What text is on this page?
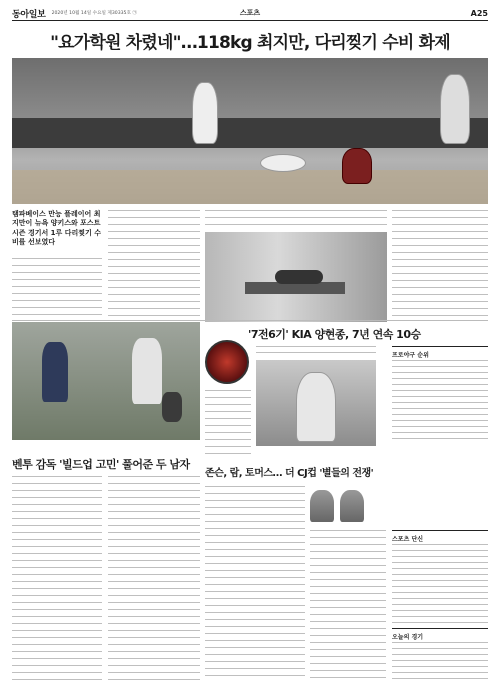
동아일보 2020년 10월 14일 수요일 제30335호 ㉠	스포츠	A25
"요가학원 차렸네"…118kg 최지만, 다리찢기 수비 화제
탬파베이스 만능 플레이어 최지만이 뉴욕 양키스와 포스트시즌 경기서 1루 다리찢기 수비를 선보였다
벤투 감독 '빌드업 고민' 풀어준 두 남자
'7전6기' KIA 양현종, 7년 연속 10승
프로야구 순위
존슨, 람, 토머스… 더 CJ컵 '별들의 전쟁'
스포츠 단신
오늘의 경기
